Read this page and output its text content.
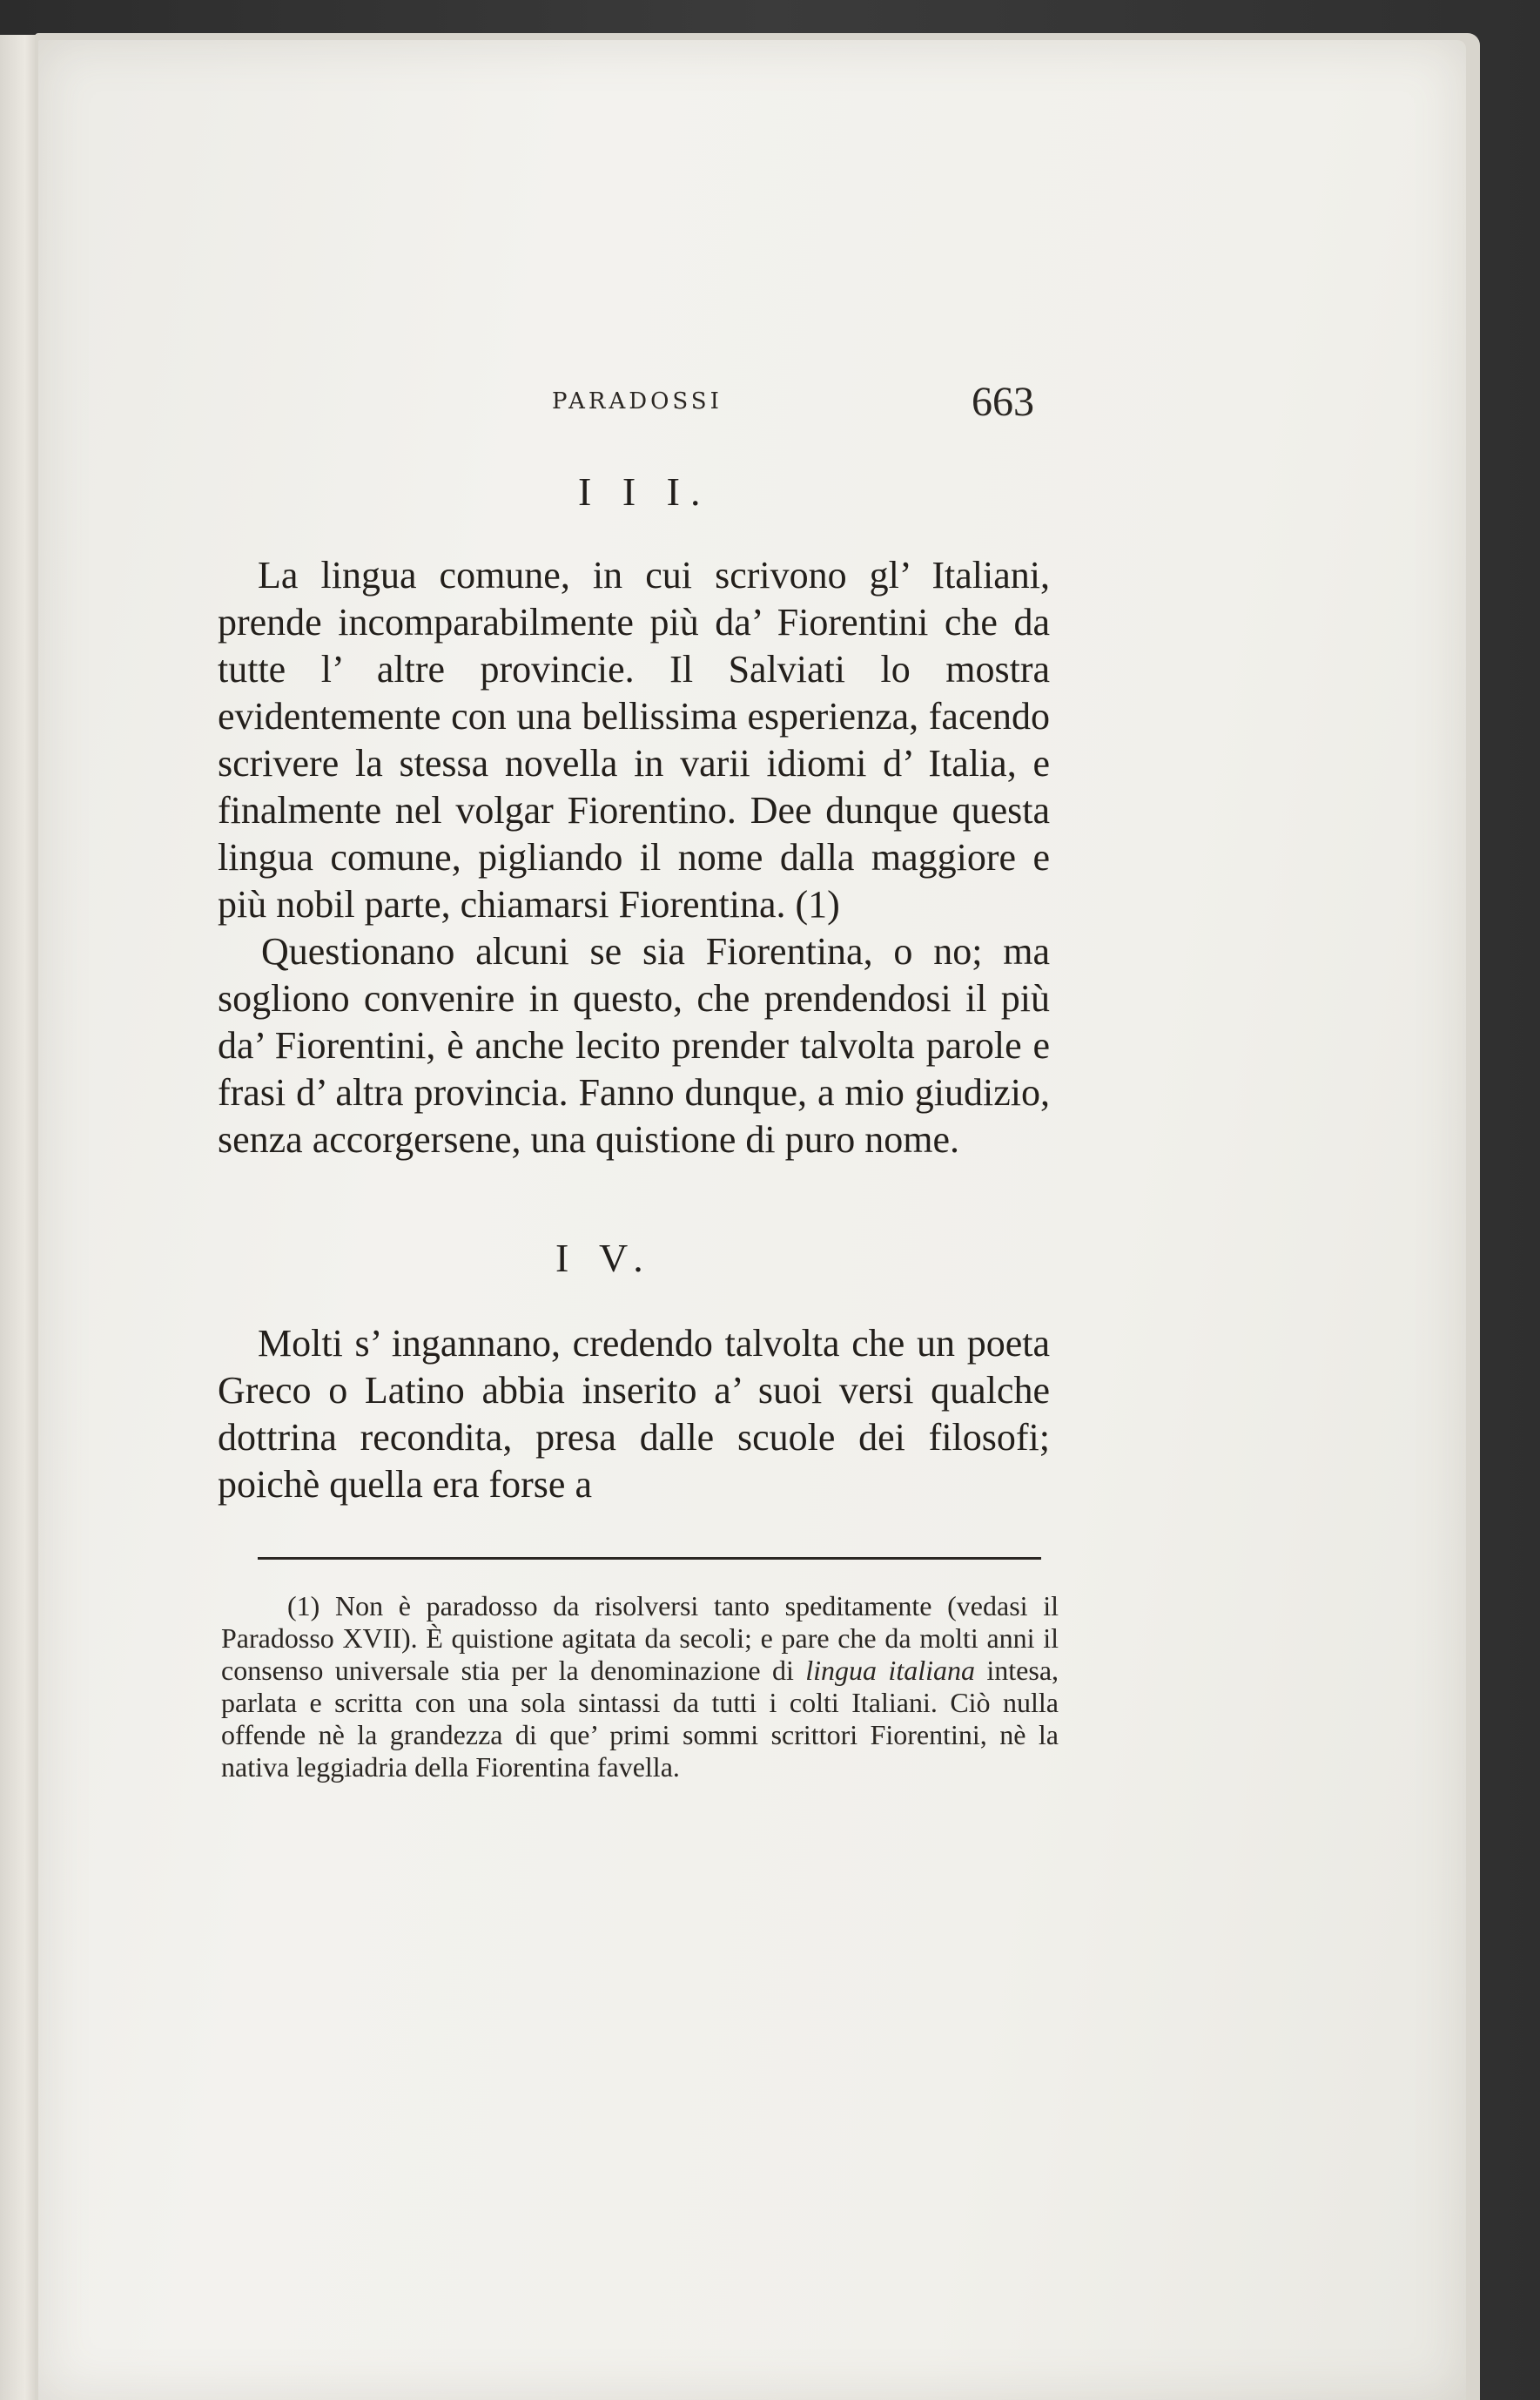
PARADOSSI	663
I I I.

La lingua comune, in cui scrivono gl’ Italiani, prende incomparabilmente più da’ Fiorentini che da tutte l’ altre provincie. Il Salviati lo mostra evidentemente con una bellissima esperienza, facendo scrivere la stessa novella in varii idiomi d’ Italia, e finalmente nel volgar Fiorentino. Dee dunque questa lingua comune, pigliando il nome dalla maggiore e più nobil parte, chiamarsi Fiorentina. (1)

Questionano alcuni se sia Fiorentina, o no; ma sogliono convenire in questo, che prendendosi il più da’ Fiorentini, è anche lecito prender talvolta parole e frasi d’ altra provincia. Fanno dunque, a mio giudizio, senza accorgersene, una quistione di puro nome.

I V.

Molti s’ ingannano, credendo talvolta che un poeta Greco o Latino abbia inserito a’ suoi versi qualche dottrina recondita, presa dalle scuole dei filosofi; poichè quella era forse a

(1) Non è paradosso da risolversi tanto speditamente (vedasi il Paradosso XVII). È quistione agitata da secoli; e pare che da molti anni il consenso universale stia per la denominazione di lingua italiana intesa, parlata e scritta con una sola sintassi da tutti i colti Italiani. Ciò nulla offende nè la grandezza di que’ primi sommi scrittori Fiorentini, nè la nativa leggiadria della Fiorentina favella.
